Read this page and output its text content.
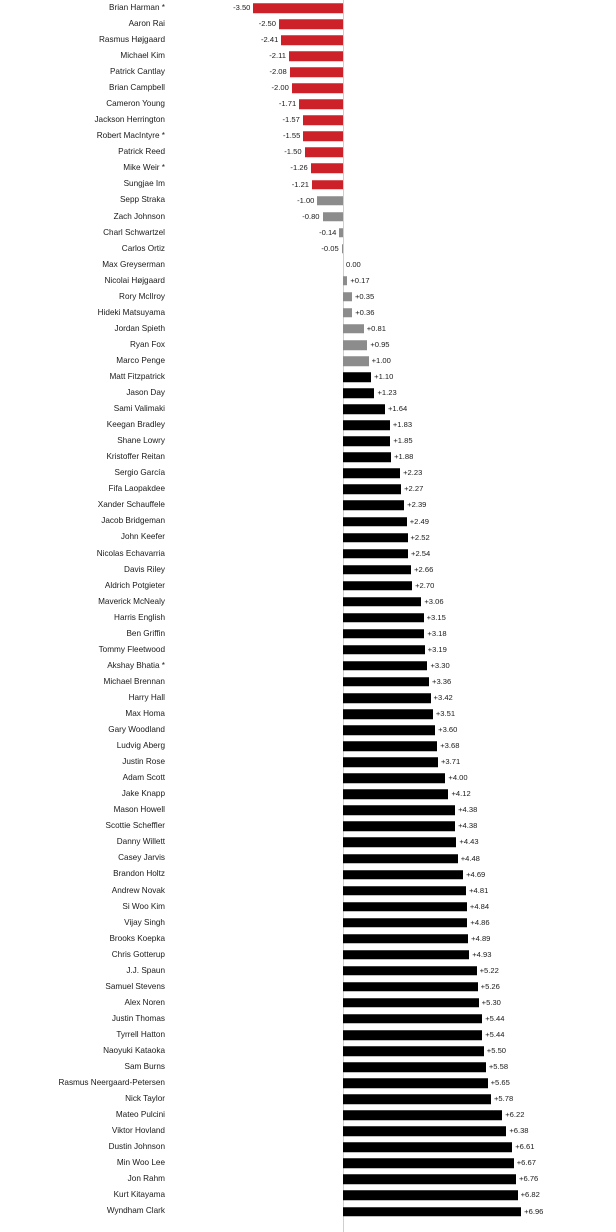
Brian Harman *	-3.50
Aaron Rai	-2.50
Rasmus Højgaard	-2.41
Michael Kim	-2.11
Patrick Cantlay	-2.08
Brian Campbell	-2.00
Cameron Young	-1.71
Jackson Herrington	-1.57
Robert MacIntyre *	-1.55
Patrick Reed	-1.50
Mike Weir *	-1.26
Sungjae Im	-1.21
Sepp Straka	-1.00
Zach Johnson	-0.80
Charl Schwartzel	-0.14
Carlos Ortiz	-0.05
Max Greyserman	0.00
Nicolai Højgaard	+0.17
Rory McIlroy	+0.35
Hideki Matsuyama	+0.36
Jordan Spieth	+0.81
Ryan Fox	+0.95
Marco Penge	+1.00
Matt Fitzpatrick	+1.10
Jason Day	+1.23
Sami Valimaki	+1.64
Keegan Bradley	+1.83
Shane Lowry	+1.85
Kristoffer Reitan	+1.88
Sergio García	+2.23
Fifa Laopakdee	+2.27
Xander Schauffele	+2.39
Jacob Bridgeman	+2.49
John Keefer	+2.52
Nicolas Echavarria	+2.54
Davis Riley	+2.66
Aldrich Potgieter	+2.70
Maverick McNealy	+3.06
Harris English	+3.15
Ben Griffin	+3.18
Tommy Fleetwood	+3.19
Akshay Bhatia *	+3.30
Michael Brennan	+3.36
Harry Hall	+3.42
Max Homa	+3.51
Gary Woodland	+3.60
Ludvig Åberg	+3.68
Justin Rose	+3.71
Adam Scott	+4.00
Jake Knapp	+4.12
Mason Howell	+4.38
Scottie Scheffler	+4.38
Danny Willett	+4.43
Casey Jarvis	+4.48
Brandon Holtz	+4.69
Andrew Novak	+4.81
Si Woo Kim	+4.84
Vijay Singh	+4.86
Brooks Koepka	+4.89
Chris Gotterup	+4.93
J.J. Spaun	+5.22
Samuel Stevens	+5.26
Alex Noren	+5.30
Justin Thomas	+5.44
Tyrrell Hatton	+5.44
Naoyuki Kataoka	+5.50
Sam Burns	+5.58
Rasmus Neergaard-Petersen	+5.65
Nick Taylor	+5.78
Mateo Pulcini	+6.22
Viktor Hovland	+6.38
Dustin Johnson	+6.61
Min Woo Lee	+6.67
Jon Rahm	+6.76
Kurt Kitayama	+6.82
Wyndham Clark	+6.96
